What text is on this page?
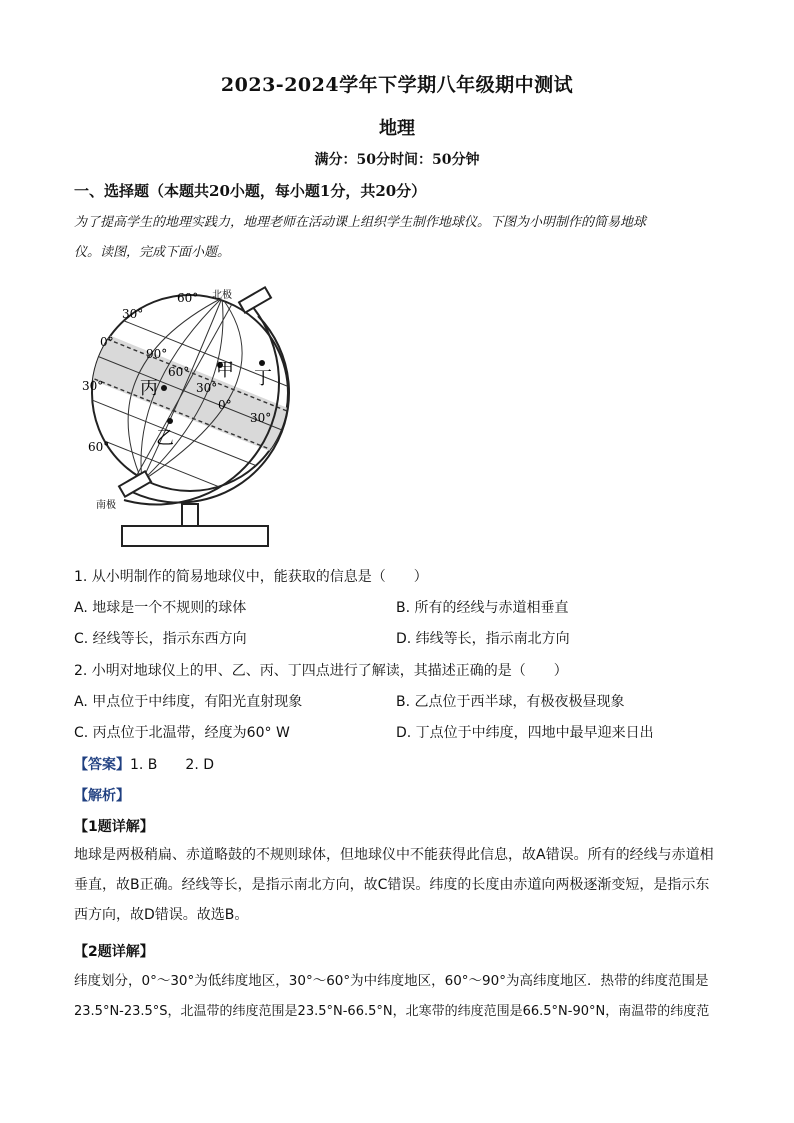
2023-2024学年下学期八年级期中测试
地理
满分：50分时间：50分钟
一、选择题（本题共20小题，每小题1分，共20分）
为了提高学生的地理实践力，地理老师在活动课上组织学生制作地球仪。下图为小明制作的简易地球
仪。读图，完成下面小题。
北极
南极
60°
30°
0°
30°
60°
90°
60°
30°
0°
30°
甲
乙
丙	丁
1. 从小明制作的简易地球仪中，能获取的信息是（　　）
A. 地球是一个不规则的球体	B. 所有的经线与赤道相垂直
C. 经线等长，指示东西方向	D. 纬线等长，指示南北方向
2. 小明对地球仪上的甲、乙、丙、丁四点进行了解读，其描述正确的是（　　）
A. 甲点位于中纬度，有阳光直射现象	B. 乙点位于西半球，有极夜极昼现象
C. 丙点位于北温带，经度为60° W	D. 丁点位于中纬度，四地中最早迎来日出
【答案】1. B　　2. D
【解析】
【1题详解】
地球是两极稍扁、赤道略鼓的不规则球体，但地球仪中不能获得此信息，故A错误。所有的经线与赤道相
垂直，故B正确。经线等长，是指示南北方向，故C错误。纬度的长度由赤道向两极逐渐变短，是指示东
西方向，故D错误。故选B。
【2题详解】
纬度划分，0°～30°为低纬度地区，30°～60°为中纬度地区，60°～90°为高纬度地区．热带的纬度范围是
23.5°N-23.5°S，北温带的纬度范围是23.5°N-66.5°N，北寒带的纬度范围是66.5°N-90°N，南温带的纬度范
